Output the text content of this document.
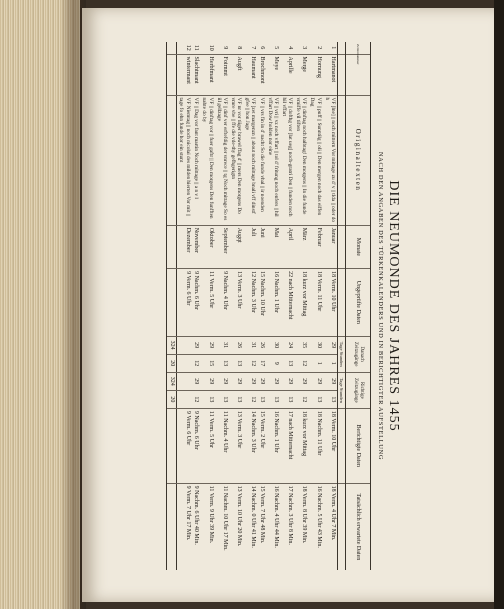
DIE NEUMONDE DES JAHRES 1455
NACH DEN ANGABEN DES TÜRKENKALENDERS UND IN BERICHTIGTER AUFSTELLUNG
Zeilennummer		Originaltexten	Monate	Ungeprüfte Daten	Danach Zeitzugänge		Richtige Zeitzugänge		Berichtigte Daten	Tatsächlich erwartete Daten
					Tage Stunden		Tage Stunden			
1	Hartmanot	VF [lne] || noch mittern Vor mittage zu d' v || tlda || oder do h	Januar	18 Verm. 10 Uhr	29	1	29	13	18 Verm. 10 Uhr	18 Verm. 4 Uhr 7 Min.
2	Hornung	VF || puff || Sunntilg || oli || Den mergen noch das eiffen Dag	Februar	18 Verm. 11 Uhr	30	1	29	13	18 Nachm. 11 Uhr	16 Nachm. 5 Uhr 43 Min.
3	Merge	VF || dinftag noch halbtag! Den morgens || In die funde vmiffe vil tiften	März	18 kurz vor Mittag	35	12	29	12	18 kurz vor Mittag	18 Verm. 8 Uhr 39 Min.
4	Aprille	VF || dofthg vor [lat ueg] noch-gratri Den || funden noch hil vffart	April	22 nach Mitternacht	24	13	29	13	17 nach Mitternacht	17 Nachm. 3 Uhr 8 Min.
5	Meye	VF || vri || vz noch vffart || tol d' fritung noch enfers || hil vffart Dow holden nor eine	Mai	16 Nachm. 1 Uhr	30	9	29	13	16 Nachm. 1 Uhr	16 Nachm. 4 Uhr 44 Min.
6	Brochmont	VF || vrs fin in d' nacht So die funde vhal || ir noenden	Juni	15 Nachm. 10 Uhr	26	17	29	13	15 Verm. 2 Uhr	15 Verm. 7 Uhr 48 Min.
7	Haumant	VF [zet margenzn || about noch mittage bnali vff dinstf gfee || hon Jage	Juli	12 Nachm. 3 Uhr	31	12	29	12	14 Nachm. 3 Uhr	14 Nachm. 0 Uhr 41 Min.
8	Augft	VF nr vor tiiger brawel ffag d' || mers Den morgens Do vmre vbe || ffe die vde-thy gefhgerigtn	Augqt	13 Verm. 3 Uhr	26	13	29	13	13 Verm. 3 Uhr	13 Verm. 10 Uhr 20 Min.
9	Foirnmt	VF || dinf ver erftefdig der vnrece || tg Noch mittage So es iil gellzage	September	9 Nachm. 4 Uhr	31	13	29	13	11 Nachm. 4 Uhr	11 Nachm. 10 Uhr 17 Min.
10	Herbfmant	VF || dinftag vor || fuer gaftr || Den morgens Den funfften nahte do by	Oktober	11 Verm. 5 Uhr	29	15	29	13	11 Verm. 5 Uhr	11 Verm. 9 Uhr 39 Min.
11	Slachtmant	VF || Dag vor fant martin Noch mittage || a n v l	November	9 Nachm. 6 Uhr	29	12	29	12	9 Nachm. 6 Uhr	9 Nachm. 6 Uhr 40 Min.
12	wintermant	VF Niemtag || noch nicolai des milden hierten Vor mit || tage fo ehn funde hor ein stunt	Dezember	9 Verm. 6 Uhr					9 Verm. 6 Uhr	9 Verm. 7 Uhr 17 Min.
					324	20	324	20		
